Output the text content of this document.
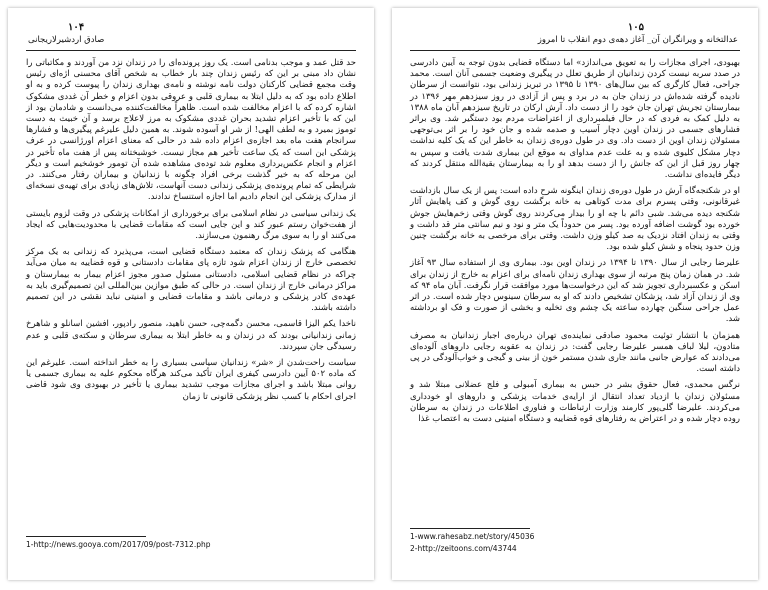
۱۰۴
صادق اردشیرلاریجانی

حد قتل عمد و موجب بدنامی است. یک روز پرونده‌ای را در زندان نزد من آوردند و مکاتباتی را نشان داد مبنی بر این که رئیس زندان چند بار خطاب به شخص آقای محسنی اژه‌ای رئیس وقت مجمع قضایی کارکنان دولت نامه نوشته و نامه‌ی بهداری زندان را پیوست کرده و به او اطلاع داده بود که به دلیل ابتلا به بیماری قلبی و عروقی بدون اعزام و خطر آن غددی مشکوک اشاره کرده که با اعزام مخالفت شده است. ظاهراً مخالفت‌کننده می‌دانست و شادمان بود از این که با تأخیر اعزام تشدید بحران غددی مشکوک به مرز لاعلاج برسد و آن خبیث به دست توموز بمیرد و به لطف الهی! از شر او آسوده شوند. به همین دلیل علیرغم پیگیری‌ها و فشارها سرانجام هفت ماه بعد اجازه‌ی اعزام داده شد در حالی که معنای اعزام اورژانسی در عرف پزشکی این است که یک ساعت تأخیر هم مجاز نیست. خوشبختانه پس از هفت ماه تأخیر در اعزام و انجام عکس‌برداری معلوم شد توده‌ی مشاهده شده آن تومور خوشخیم است و دیگر این مرحله که به خیر گذشت برخی افراد چگونه با زندانیان و بیماران رفتار می‌کنند. در شرایطی که تمام پرونده‌ی پزشکی زندانی دست آنهاست، تلاش‌های زیادی برای تهیه‌ی نسخه‌ای از مدارک پزشکی این انجام دادیم اما اجازه استنساخ ندادند.

یک زندانی سیاسی در نظام اسلامی برای برخورداری از امکانات پزشکی در وقت لزوم بایستی از هفت‌خوان رستم عبور کند و این جایی است که مقامات قضایی با محدودیت‌هایی که ایجاد می‌کنند او را به سوی مرگ رهنمون می‌سازند.

هنگامی که پزشک زندان که معتمد دستگاه قضایی است، می‌پذیرد که زندانی به یک مرکز تخصصی خارج از زندان اعزام شود تازه پای مقامات دادستانی و قوه قضاییه به میان می‌آید چراکه در نظام قضایی اسلامی، دادستانی مسئول صدور مجوز اعزام بیمار به بیمارستان و مراکز درمانی خارج از زندان است. در حالی که طبق موازین بین‌المللی این تصمیم‌گیری باید به عهده‌ی کادر پزشکی و درمانی باشد و مقامات قضایی و امنیتی نباید نقشی در این تصمیم داشته باشند.

ناخدا یکم الیزا قاسمی، محسن دگمه‌چی، حسن ناهید، منصور رادپور، افشین اسانلو و شاهرخ زمانی زندانیانی بودند که در زندان و به خاطر ابتلا به بیماری سرطان و سکته‌ی قلبی و عدم رسیدگی جان سپردند.

سیاست راحت‌شدن از «شر» زندانیان سیاسی بسیاری را به خطر انداخته است. علیرغم این که ماده ۵۰۲ آیین دادرسی کیفری ایران تأکید می‌کند هرگاه محکوم علیه به بیماری جسمی یا روانی مبتلا باشد و اجرای مجازات موجب تشدید بیماری یا تأخیر در بهبودی وی شود قاضی اجرای احکام با کسب نظر پزشکی قانونی تا زمان

1-http://news.gooya.com/2017/09/post-7312.php
۱۰۵
عدالتخانه و ویرانگران آن_ آغاز دهه‌ی دوم انقلاب تا امروز

بهبودی، اجرای مجازات را به تعویق می‌اندازد» اما دستگاه قضایی بدون توجه به آیین دادرسی در صدد سربه نیست کردن زندانیان از طریق تعلل در پیگیری وضعیت جسمی آنان است. محمد جراحی، فعال کارگری که بین سال‌های ۱۳۹۰ تا ۱۳۹۵ در تبریز زندانی بود، نتوانست از سرطان نادیده گرفته شده‌اش در زندان جان به در برد و پس از آزادی در روز سیزدهم مهر ۱۳۹۶ در بیمارستان تجریش تهران جان خود را از دست داد. آرش ارکان در تاریخ سیزدهم آبان ماه ۱۳۸۸ به دلیل کمک به فردی که در حال فیلمبرداری از اعتراضات مردم بود دستگیر شد. وی براثر فشارهای جسمی در زندان اوین دچار آسیب و صدمه شده و جان خود را بر اثر بی‌توجهی مسئولان زندان اوین از دست داد. وی در طول دوره‌ی زندان به خاطر این که یک کلیه نداشت دچار مشکل کلیوی شده و به علت عدم مداوای به موقع این بیماری شدت یافت و سپس به چهار روز قبل از این که جانش را از دست بدهد او را به بیمارستان بقیةالله منتقل کردند که دیگر فایده‌ای نداشت.

او در شکنجه‌گاه آرش در طول دوره‌ی زندان اینگونه شرح داده است: پس از یک سال بازداشت غیرقانونی، وقتی پسرم برای مدت کوتاهی به خانه برگشت روی گوش و کف پاهایش آثار شکنجه دیده می‌شد. شبی دائم با چه او را بیدار می‌کردند روی گوش وقتی زخم‌هایش جوش خورده بود گوشت اضافه آورده بود. پسر من حدوداً یک متر و نود و نیم سانتی متر قد داشت و وقتی به زندان افتاد نزدیک به صد کیلو وزن داشت. وقتی برای مرخصی به خانه برگشت چنین وزن حدود پنجاه و شش کیلو شده بود.

علیرضا رجایی از سال ۱۳۹۰ تا ۱۳۹۴ در زندان اوین بود. بیماری وی از استفاده سال ۹۳ آغاز شد. در همان زمان پنج مرتبه از سوی بهداری زندان نامه‌ای برای اعزام به خارج از زندان برای اسکن و عکسبرداری تجویز شد که این درخواست‌ها مورد موافقت قرار نگرفت. آبان ماه ۹۴ که وی از زندان آزاد شد، پزشکان تشخیص دادند که او به سرطان سینوس دچار شده است. در اثر عمل جراحی سنگین چهارده ساعته یک چشم وی تخلیه و بخشی از صورت و فک او برداشته شد.

همزمان با انتشار توئیت محمود صادقی نماینده‌ی تهران درباره‌ی اجبار زندانیان به مصرف متادون، لیلا لباف همسر علیرضا رجایی گفت: در زندان به عقوبه رجایی داروهای آلوده‌ای می‌دادند که عوارض جانبی مانند جاری شدن مستمر خون از بینی و گیجی و خواب‌آلودگی در پی داشته است.

نرگس محمدی، فعال حقوق بشر در حبس به بیماری آمبولی و فلج عضلانی مبتلا شد و مسئولان زندان با ازدیاد تعداد انتقال از ارایه‌ی خدمات پزشکی و داروهای او خودداری می‌کردند. علیرضا گلی‌پور کارمند وزارت ارتباطات و فناوری اطلاعات در زندان به سرطان روده دچار شده و در اعتراض به رفتارهای قوه قضاییه و دستگاه امنیتی دست به اعتصاب غذا

1-www.rahesabz.net/story/45036
2-http://zeitoons.com/43744
